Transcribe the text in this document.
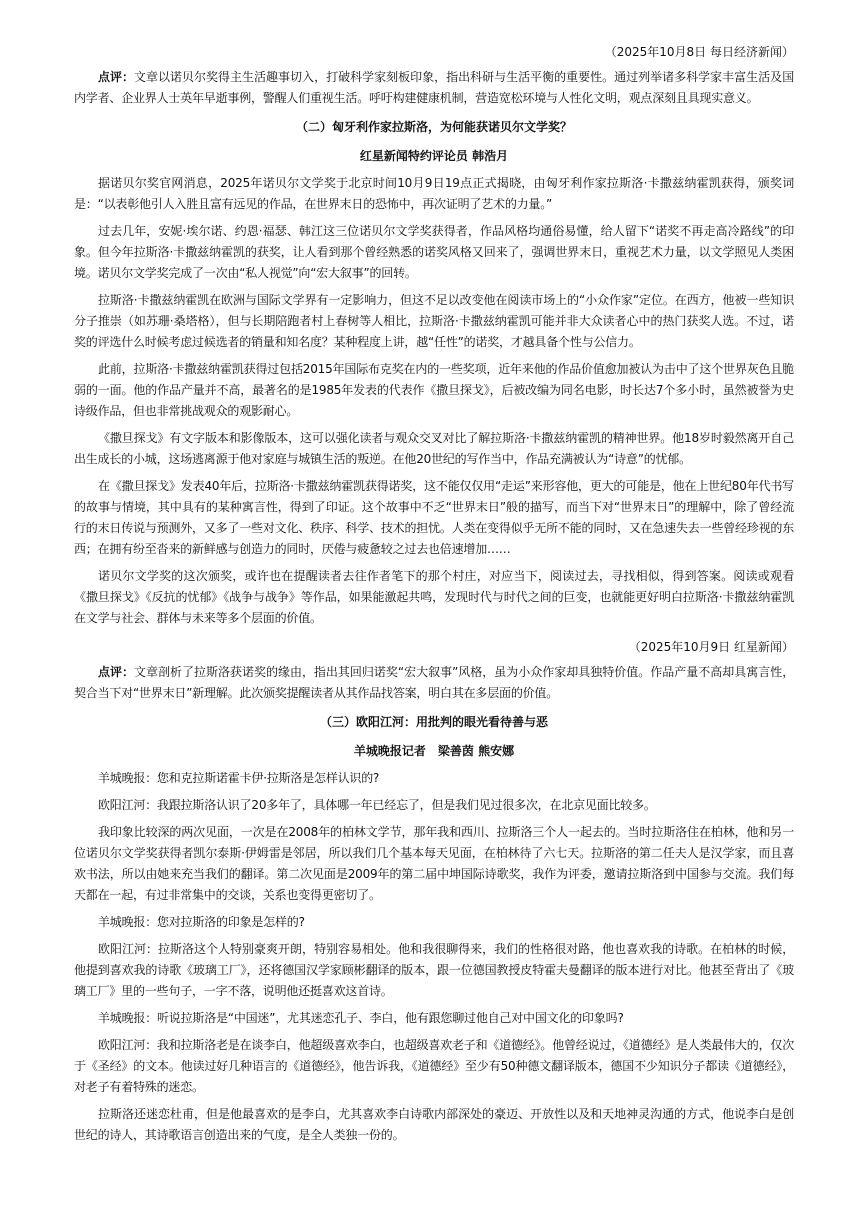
（2025年10月8日 每日经济新闻）
点评：文章以诺贝尔奖得主生活趣事切入，打破科学家刻板印象，指出科研与生活平衡的重要性。通过列举诸多科学家丰富生活及国内学者、企业界人士英年早逝事例，警醒人们重视生活。呼吁构建健康机制，营造宽松环境与人性化文明，观点深刻且具现实意义。
（二）匈牙利作家拉斯洛，为何能获诺贝尔文学奖？
红星新闻特约评论员 韩浩月
据诺贝尔奖官网消息，2025年诺贝尔文学奖于北京时间10月9日19点正式揭晓，由匈牙利作家拉斯洛·卡撒兹纳霍凯获得，颁奖词是：“以表彰他引人入胜且富有远见的作品，在世界末日的恐怖中，再次证明了艺术的力量。”
过去几年，安妮·埃尔诺、约恩·福瑟、韩江这三位诺贝尔文学奖获得者，作品风格均通俗易懂，给人留下“诺奖不再走高冷路线”的印象。但今年拉斯洛·卡撒兹纳霍凯的获奖，让人看到那个曾经熟悉的诺奖风格又回来了，强调世界末日，重视艺术力量，以文学照见人类困境。诺贝尔文学奖完成了一次由“私人视觉”向“宏大叙事”的回转。
拉斯洛·卡撒兹纳霍凯在欧洲与国际文学界有一定影响力，但这不足以改变他在阅读市场上的“小众作家”定位。在西方，他被一些知识分子推崇（如苏珊·桑塔格），但与长期陪跑者村上春树等人相比，拉斯洛·卡撒兹纳霍凯可能并非大众读者心中的热门获奖人选。不过，诺奖的评选什么时候考虑过候选者的销量和知名度？某种程度上讲，越“任性”的诺奖，才越具备个性与公信力。
此前，拉斯洛·卡撒兹纳霍凯获得过包括2015年国际布克奖在内的一些奖项，近年来他的作品价值愈加被认为击中了这个世界灰色且脆弱的一面。他的作品产量并不高，最著名的是1985年发表的代表作《撒旦探戈》，后被改编为同名电影，时长达7个多小时，虽然被誉为史诗级作品，但也非常挑战观众的观影耐心。
《撒旦探戈》有文字版本和影像版本，这可以强化读者与观众交叉对比了解拉斯洛·卡撒兹纳霍凯的精神世界。他18岁时毅然离开自己出生成长的小城，这场逃离源于他对家庭与城镇生活的叛逆。在他20世纪的写作当中，作品充满被认为“诗意”的忧郁。
在《撒旦探戈》发表40年后，拉斯洛·卡撒兹纳霍凯获得诺奖，这不能仅仅用“走运”来形容他，更大的可能是，他在上世纪80年代书写的故事与情境，其中具有的某种寓言性，得到了印证。这个故事中不乏“世界末日”般的描写，而当下对“世界末日”的理解中，除了曾经流行的末日传说与预测外，又多了一些对文化、秩序、科学、技术的担忧。人类在变得似乎无所不能的同时，又在急速失去一些曾经珍视的东西；在拥有纷至沓来的新鲜感与创造力的同时，厌倦与疲惫较之过去也倍速增加……
诺贝尔文学奖的这次颁奖，或许也在提醒读者去往作者笔下的那个村庄，对应当下，阅读过去，寻找相似，得到答案。阅读或观看《撒旦探戈》《反抗的忧郁》《战争与战争》等作品，如果能激起共鸣，发现时代与时代之间的巨变，也就能更好明白拉斯洛·卡撒兹纳霍凯在文学与社会、群体与未来等多个层面的价值。
（2025年10月9日 红星新闻）
点评：文章剖析了拉斯洛获诺奖的缘由，指出其回归诺奖“宏大叙事”风格，虽为小众作家却具独特价值。作品产量不高却具寓言性，契合当下对“世界末日”新理解。此次颁奖提醒读者从其作品找答案，明白其在多层面的价值。
（三）欧阳江河：用批判的眼光看待善与恶
羊城晚报记者　梁善茵 熊安娜
羊城晚报：您和克拉斯诺霍卡伊·拉斯洛是怎样认识的?
欧阳江河：我跟拉斯洛认识了20多年了，具体哪一年已经忘了，但是我们见过很多次，在北京见面比较多。
我印象比较深的两次见面，一次是在2008年的柏林文学节，那年我和西川、拉斯洛三个人一起去的。当时拉斯洛住在柏林，他和另一位诺贝尔文学奖获得者凯尔泰斯·伊姆雷是邻居，所以我们几个基本每天见面，在柏林待了六七天。拉斯洛的第二任夫人是汉学家，而且喜欢书法，所以由她来充当我们的翻译。第二次见面是2009年的第二届中坤国际诗歌奖，我作为评委，邀请拉斯洛到中国参与交流。我们每天都在一起，有过非常集中的交谈，关系也变得更密切了。
羊城晚报：您对拉斯洛的印象是怎样的?
欧阳江河：拉斯洛这个人特别豪爽开朗，特别容易相处。他和我很聊得来，我们的性格很对路，他也喜欢我的诗歌。在柏林的时候，他提到喜欢我的诗歌《玻璃工厂》，还将德国汉学家顾彬翻译的版本，跟一位德国教授皮特霍夫曼翻译的版本进行对比。他甚至背出了《玻璃工厂》里的一些句子，一字不落，说明他还挺喜欢这首诗。
羊城晚报：听说拉斯洛是“中国迷”，尤其迷恋孔子、李白，他有跟您聊过他自己对中国文化的印象吗?
欧阳江河：我和拉斯洛老是在谈李白，他超级喜欢李白，也超级喜欢老子和《道德经》。他曾经说过，《道德经》是人类最伟大的，仅次于《圣经》的文本。他读过好几种语言的《道德经》，他告诉我，《道德经》至少有50种德文翻译版本，德国不少知识分子都读《道德经》，对老子有着特殊的迷恋。
拉斯洛还迷恋杜甫，但是他最喜欢的是李白，尤其喜欢李白诗歌内部深处的豪迈、开放性以及和天地神灵沟通的方式，他说李白是创世纪的诗人，其诗歌语言创造出来的气度，是全人类独一份的。
